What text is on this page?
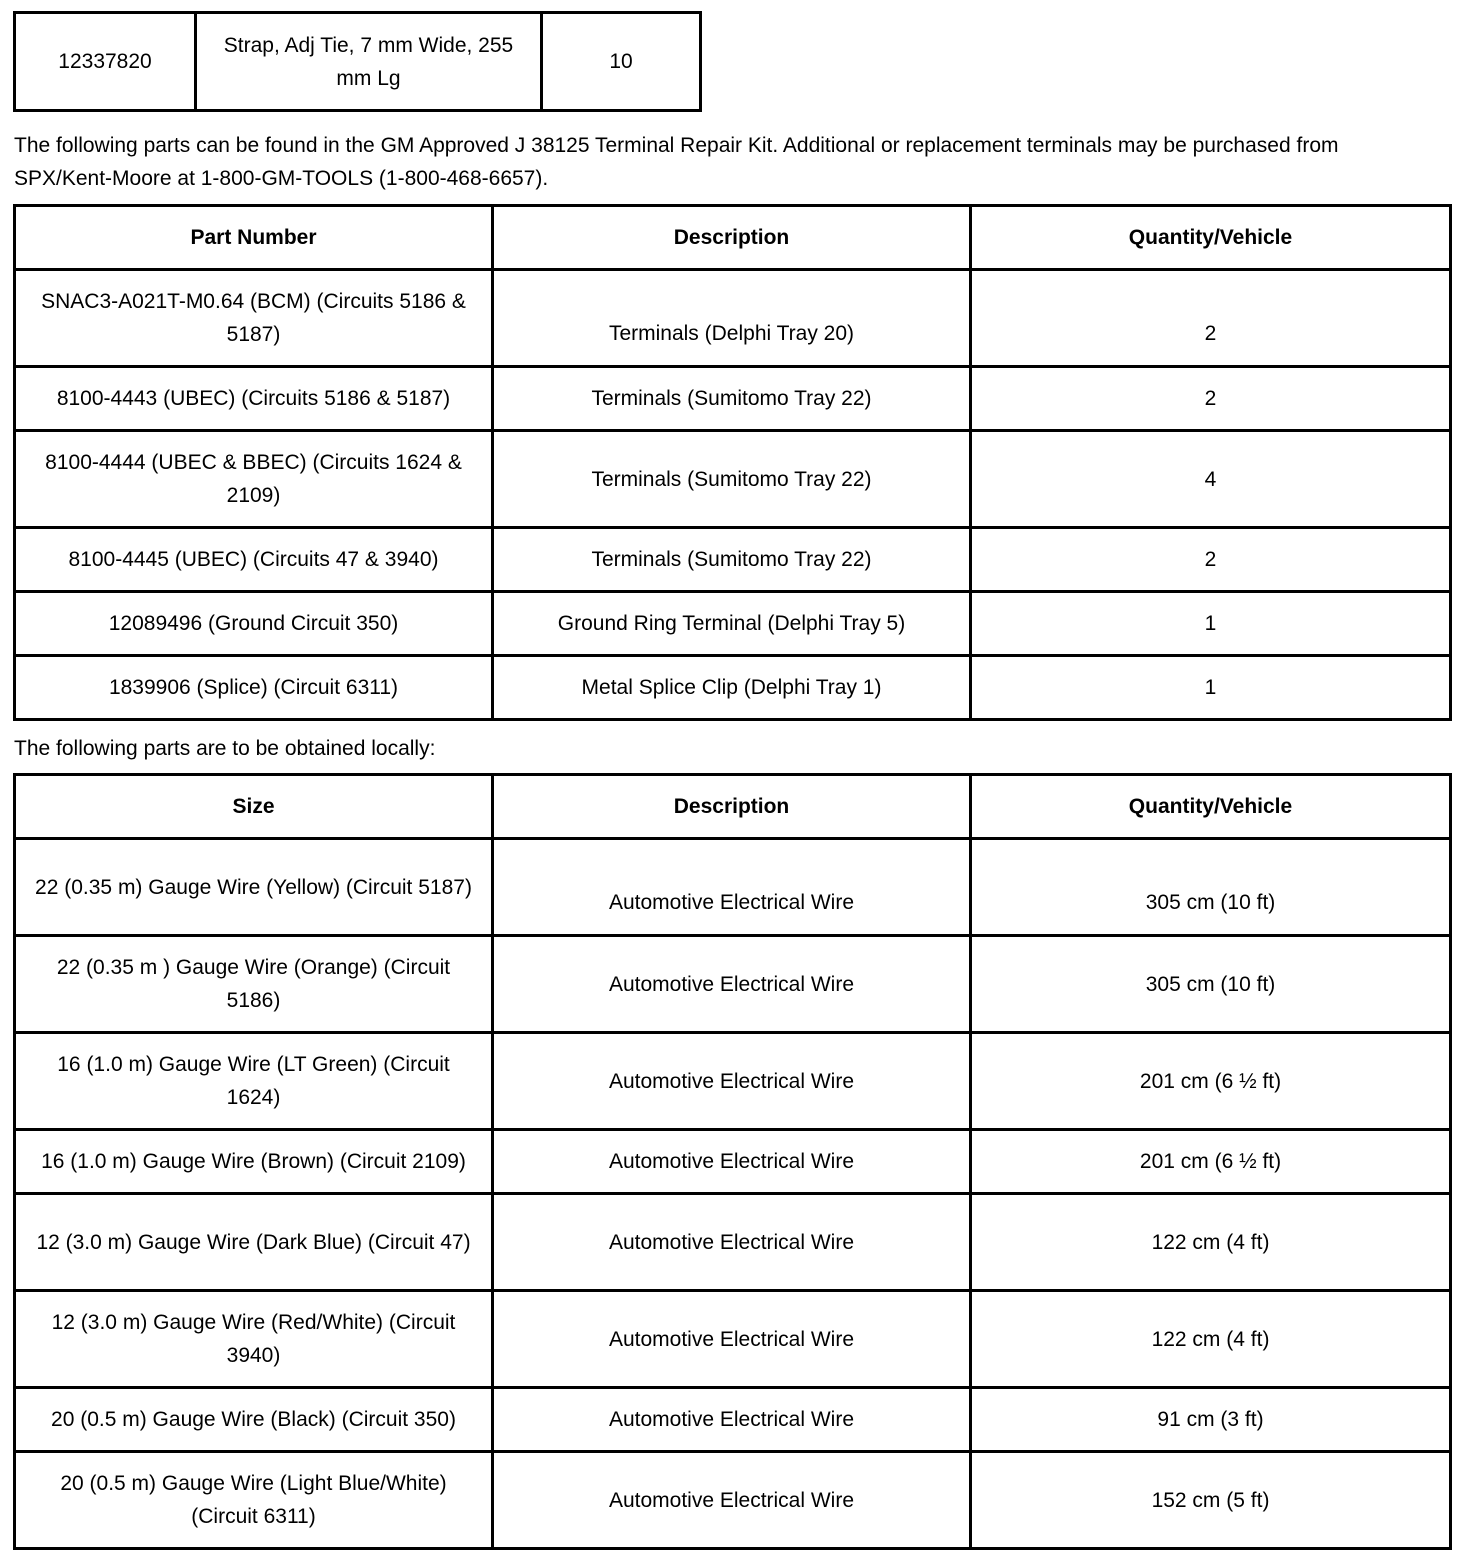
12337820	Strap, Adj Tie, 7 mm Wide, 255 mm Lg	10
The following parts can be found in the GM Approved J 38125 Terminal Repair Kit. Additional or replacement terminals may be purchased from SPX/Kent-Moore at 1-800-GM-TOOLS (1-800-468-6657).
Part Number	Description	Quantity/Vehicle
SNAC3-A021T-M0.64 (BCM) (Circuits 5186 & 5187)	Terminals (Delphi Tray 20)	2
8100-4443 (UBEC) (Circuits 5186 & 5187)	Terminals (Sumitomo Tray 22)	2
8100-4444 (UBEC & BBEC) (Circuits 1624 & 2109)	Terminals (Sumitomo Tray 22)	4
8100-4445 (UBEC) (Circuits 47 & 3940)	Terminals (Sumitomo Tray 22)	2
12089496 (Ground Circuit 350)	Ground Ring Terminal (Delphi Tray 5)	1
1839906 (Splice) (Circuit 6311)	Metal Splice Clip (Delphi Tray 1)	1
The following parts are to be obtained locally:
Size	Description	Quantity/Vehicle
22 (0.35 m) Gauge Wire (Yellow) (Circuit 5187)	Automotive Electrical Wire	305 cm (10 ft)
22 (0.35 m ) Gauge Wire (Orange) (Circuit 5186)	Automotive Electrical Wire	305 cm (10 ft)
16 (1.0 m) Gauge Wire (LT Green) (Circuit 1624)	Automotive Electrical Wire	201 cm (6 ½ ft)
16 (1.0 m) Gauge Wire (Brown) (Circuit 2109)	Automotive Electrical Wire	201 cm (6 ½ ft)
12 (3.0 m) Gauge Wire (Dark Blue) (Circuit 47)	Automotive Electrical Wire	122 cm (4 ft)
12 (3.0 m) Gauge Wire (Red/White) (Circuit 3940)	Automotive Electrical Wire	122 cm (4 ft)
20 (0.5 m) Gauge Wire (Black) (Circuit 350)	Automotive Electrical Wire	91 cm (3 ft)
20 (0.5 m) Gauge Wire (Light Blue/White) (Circuit 6311)	Automotive Electrical Wire	152 cm (5 ft)
